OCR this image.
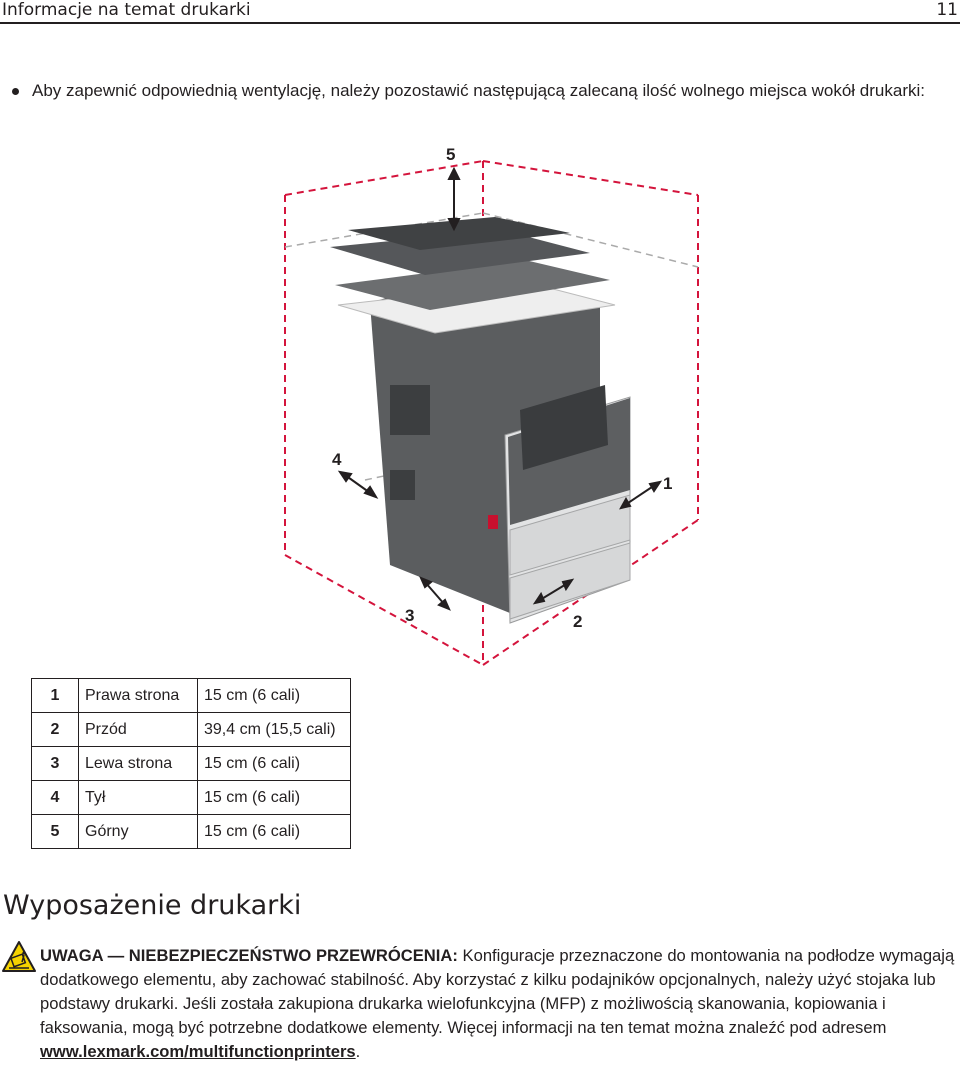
Informacje na temat drukarki	11
Aby zapewnić odpowiednią wentylację, należy pozostawić następującą zalecaną ilość wolnego miejsca wokół drukarki:
5
4
1
3	2
1	Prawa strona	15 cm (6 cali)
2	Przód	39,4 cm (15,5 cali)
3	Lewa strona	15 cm (6 cali)
4	Tył	15 cm (6 cali)
5	Górny	15 cm (6 cali)
Wyposażenie drukarki
UWAGA — NIEBEZPIECZEŃSTWO PRZEWRÓCENIA: Konfiguracje przeznaczone do montowania na podłodze wymagają dodatkowego elementu, aby zachować stabilność. Aby korzystać z kilku podajników opcjonalnych, należy użyć stojaka lub podstawy drukarki. Jeśli została zakupiona drukarka wielofunkcyjna (MFP) z możliwością skanowania, kopiowania i faksowania, mogą być potrzebne dodatkowe elementy. Więcej informacji na ten temat można znaleźć pod adresem www.lexmark.com/multifunctionprinters.
